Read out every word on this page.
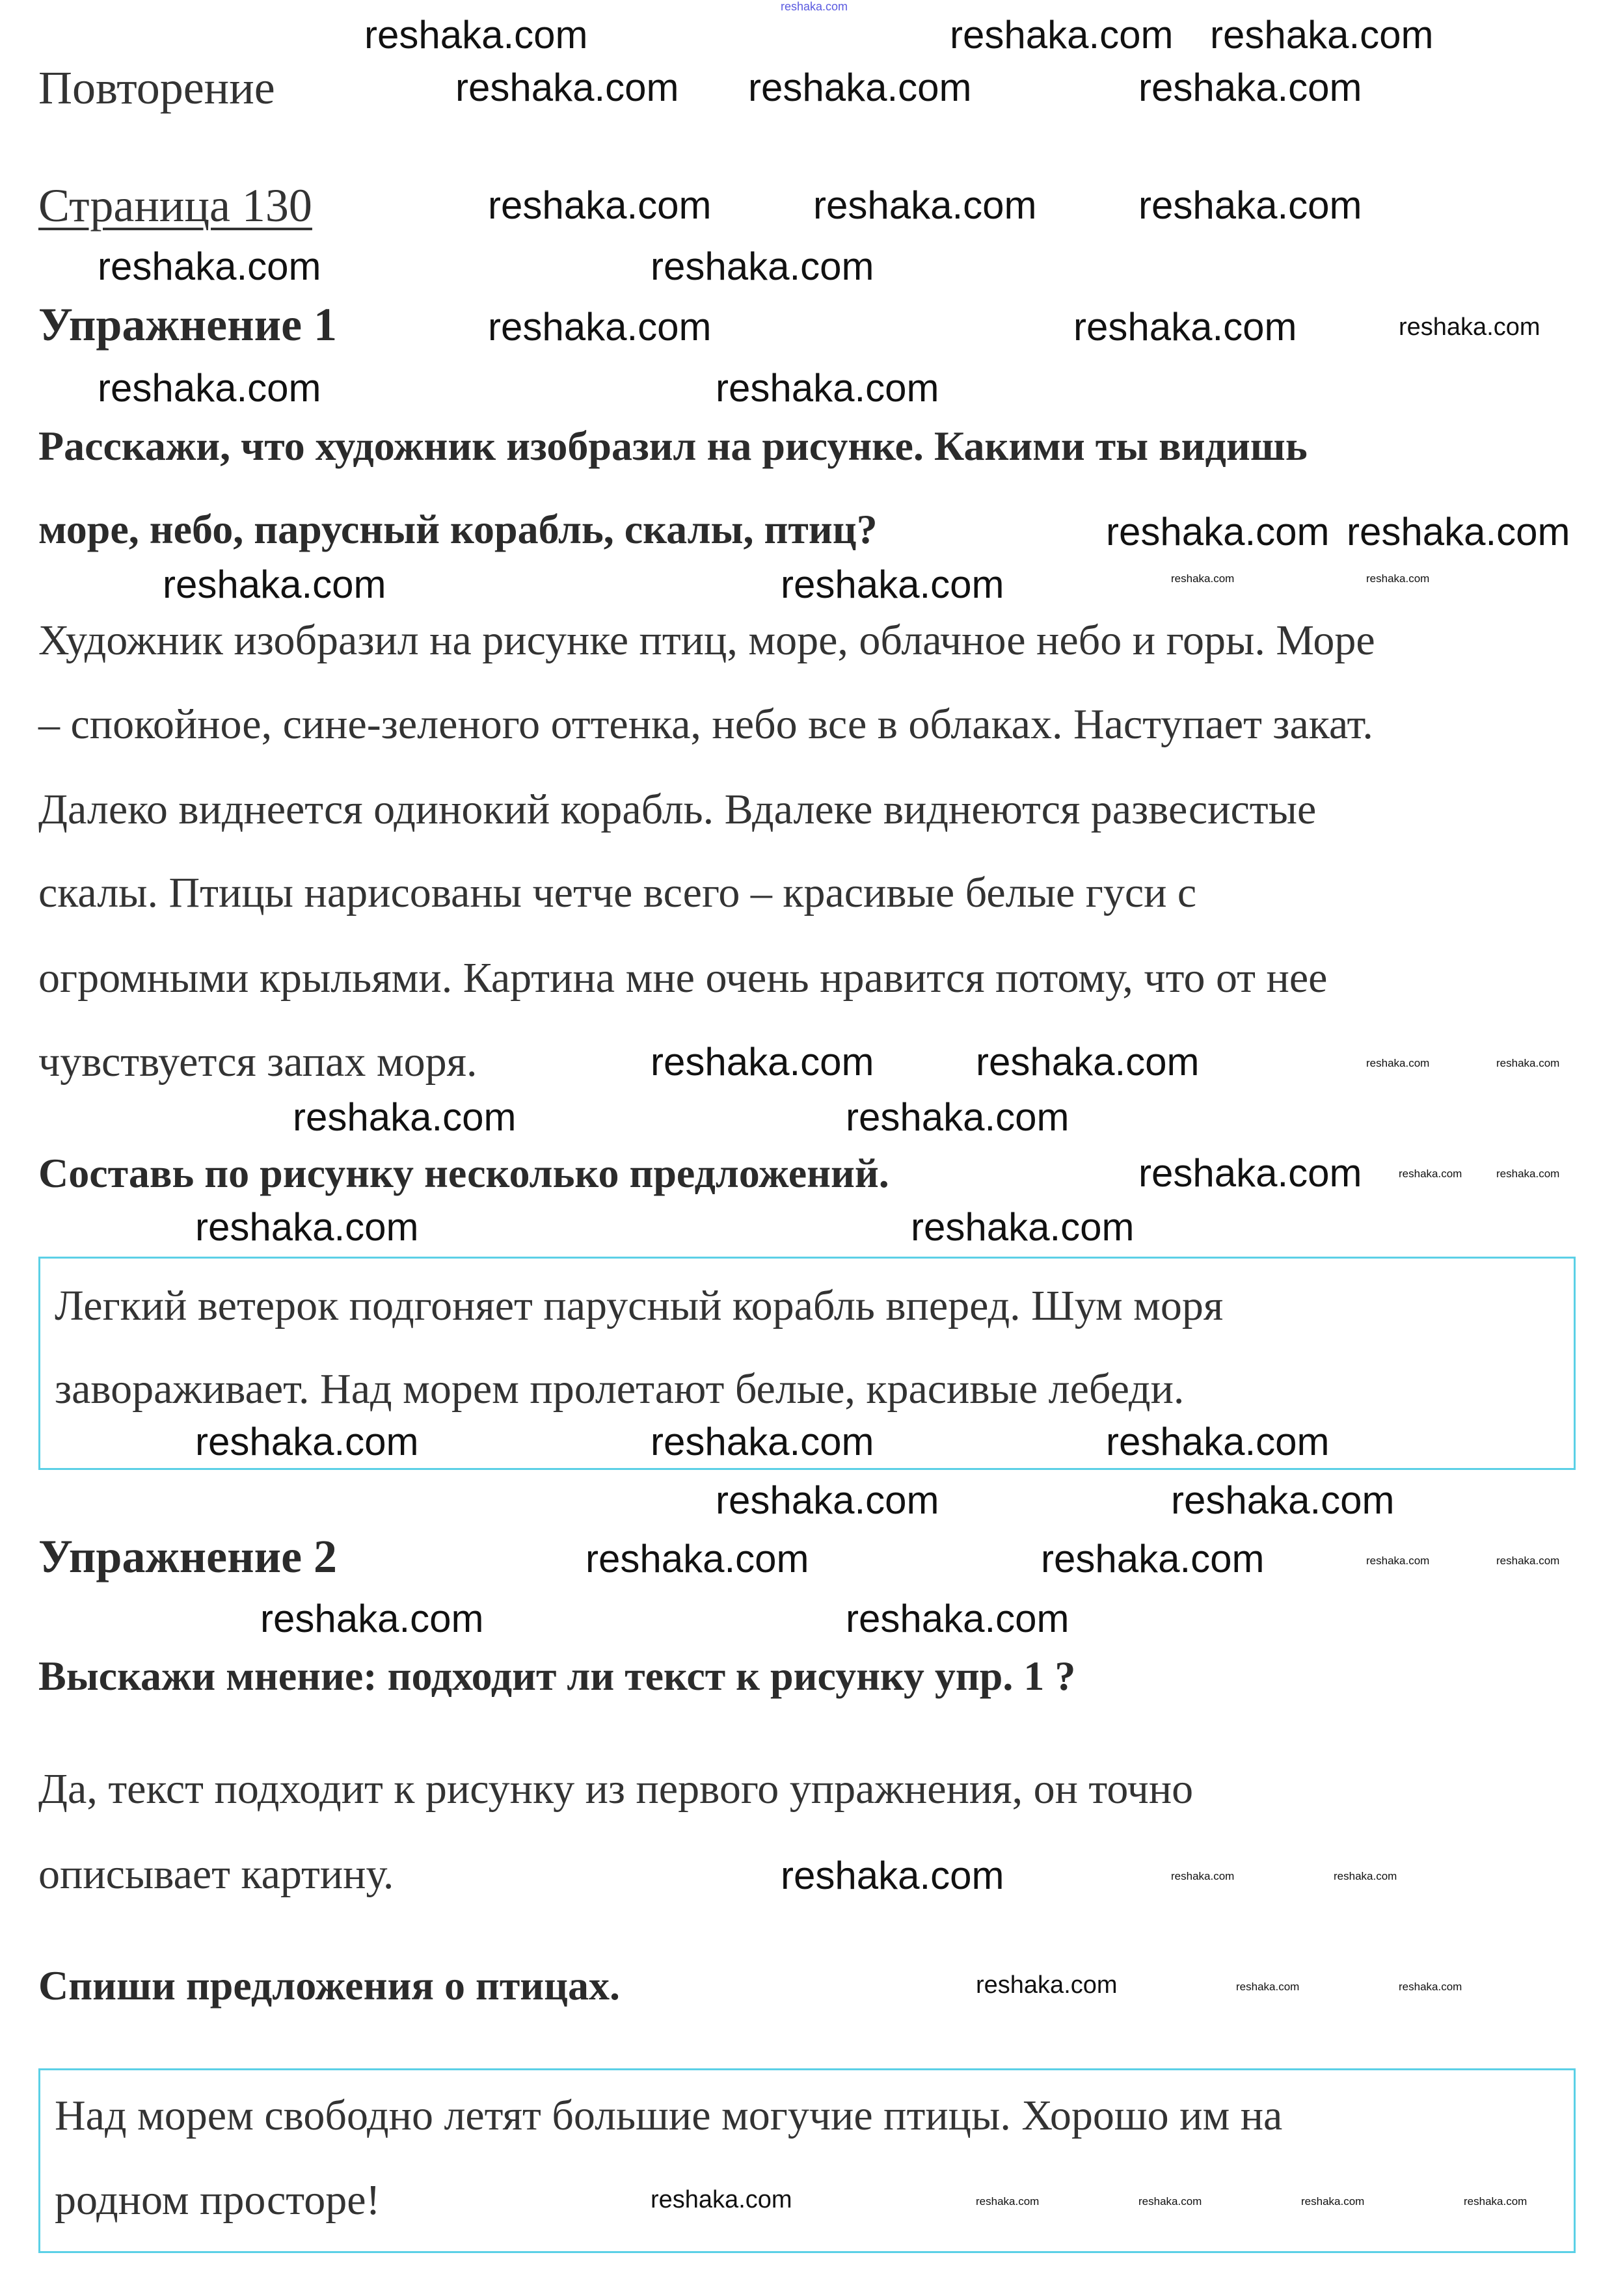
Повторение
Страница 130
Упражнение 1
Расскажи, что художник изобразил на рисунке. Какими ты видишь
море, небо, парусный корабль, скалы, птиц?
Художник изобразил на рисунке птиц, море, облачное небо и горы. Море
– спокойное, сине-зеленого оттенка, небо все в облаках. Наступает закат.
Далеко виднеется одинокий корабль. Вдалеке виднеются развесистые
скалы. Птицы нарисованы четче всего – красивые белые гуси с
огромными крыльями. Картина мне очень нравится потому, что от нее
чувствуется запах моря.
Составь по рисунку несколько предложений.
Легкий ветерок подгоняет парусный корабль вперед. Шум моря
завораживает. Над морем пролетают белые, красивые лебеди.
Упражнение 2
Выскажи мнение: подходит ли текст к рисунку упр. 1 ?
Да, текст подходит к рисунку из первого упражнения, он точно
описывает картину.
Спиши предложения о птицах.
Над морем свободно летят большие могучие птицы. Хорошо им на
родном просторе!
reshaka.com
reshaka.com	reshaka.com reshaka.com
reshaka.com reshaka.com	reshaka.com
reshaka.com	reshaka.com	reshaka.com
reshaka.com	reshaka.com
reshaka.com	reshaka.com
reshaka.com	reshaka.com
reshaka.com reshaka.com
reshaka.com	reshaka.com
reshaka.com	reshaka.com
reshaka.com	reshaka.com
reshaka.com
reshaka.com	reshaka.com
reshaka.com	reshaka.com	reshaka.com
reshaka.com	reshaka.com
reshaka.com	reshaka.com
reshaka.com	reshaka.com
reshaka.com
reshaka.com
reshaka.com
reshaka.com
reshaka.com	reshaka.com
reshaka.com	reshaka.com
reshaka.com	reshaka.com	reshaka.com	reshaka.com
reshaka.com	reshaka.com
reshaka.com	reshaka.com
reshaka.com	reshaka.com
reshaka.com	reshaka.com
